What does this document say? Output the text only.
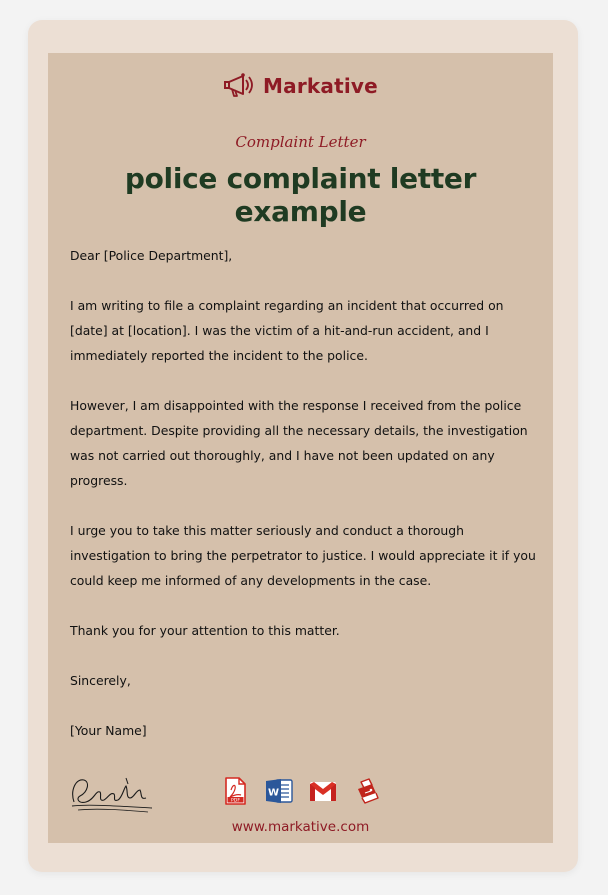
Markative
Complaint Letter
police complaint letter example

Dear [Police Department],

I am writing to file a complaint regarding an incident that occurred on [date] at [location]. I was the victim of a hit-and-run accident, and I immediately reported the incident to the police.

However, I am disappointed with the response I received from the police department. Despite providing all the necessary details, the investigation was not carried out thoroughly, and I have not been updated on any progress.

I urge you to take this matter seriously and conduct a thorough investigation to bring the perpetrator to justice. I would appreciate it if you could keep me informed of any developments in the case.

Thank you for your attention to this matter.

Sincerely,

[Your Name]

PDF
W
www.markative.com
